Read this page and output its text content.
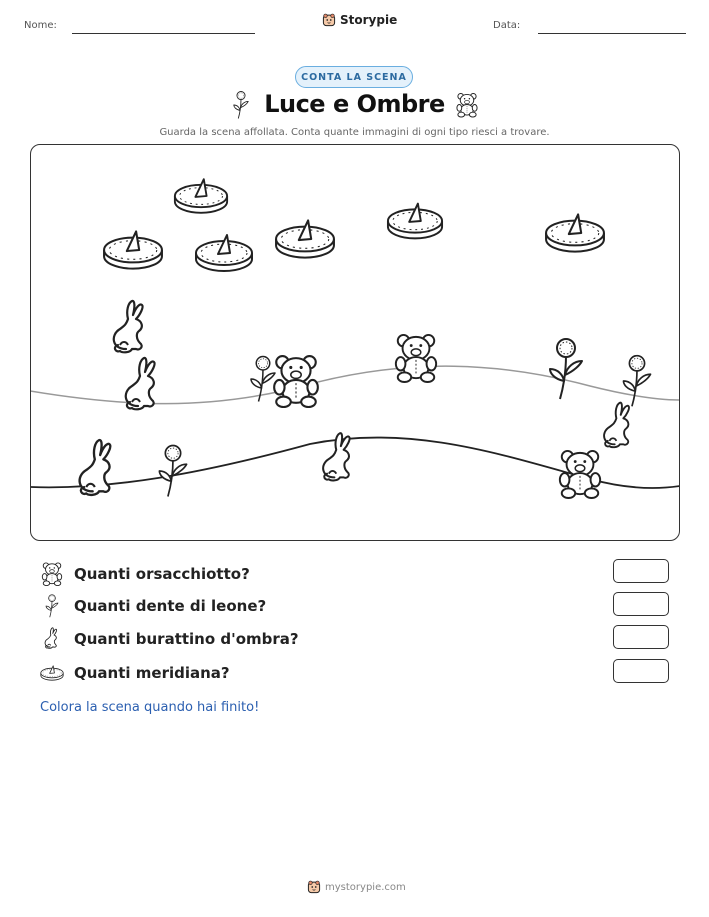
Nome:	Storypie	Data:
CONTA LA SCENA
Luce e Ombre
Guarda la scena affollata. Conta quante immagini di ogni tipo riesci a trovare.
Quanti orsacchiotto?
Quanti dente di leone?
Quanti burattino d'ombra?
Quanti meridiana?
Colora la scena quando hai finito!
mystorypie.com
